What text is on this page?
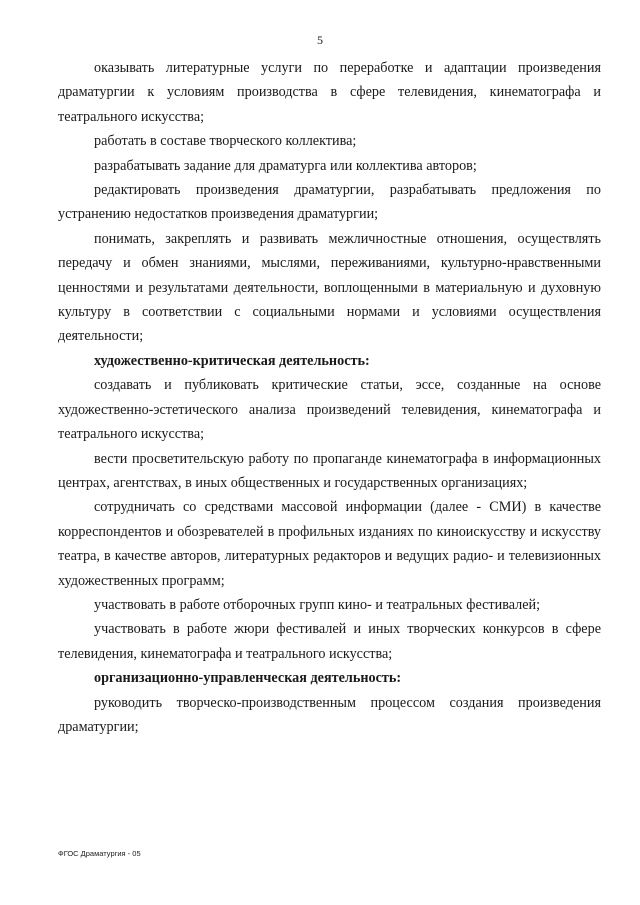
5

оказывать литературные услуги по переработке и адаптации произведения драматургии к условиям производства в сфере телевидения, кинематографа и театрального искусства;

работать в составе творческого коллектива;

разрабатывать задание для драматурга или коллектива авторов;

редактировать произведения драматургии, разрабатывать предложения по устранению недостатков произведения драматургии;

понимать, закреплять и развивать межличностные отношения, осуществлять передачу и обмен знаниями, мыслями, переживаниями, культурно-нравственными ценностями и результатами деятельности, воплощенными в материальную и духовную культуру в соответствии с социальными нормами и условиями осуществления деятельности;

художественно-критическая деятельность:

создавать и публиковать критические статьи, эссе, созданные на основе художественно-эстетического анализа произведений телевидения, кинематографа и театрального искусства;

вести просветительскую работу по пропаганде кинематографа в информационных центрах, агентствах, в иных общественных и государственных организациях;

сотрудничать со средствами массовой информации (далее - СМИ) в качестве корреспондентов и обозревателей в профильных изданиях по киноискусству и искусству театра, в качестве авторов, литературных редакторов и ведущих радио- и телевизионных художественных программ;

участвовать в работе отборочных групп кино- и театральных фестивалей;

участвовать в работе жюри фестивалей и иных творческих конкурсов в сфере телевидения, кинематографа и театрального искусства;

организационно-управленческая деятельность:

руководить творческо-производственным процессом создания произведения драматургии;

ФГОС Драматургия - 05
